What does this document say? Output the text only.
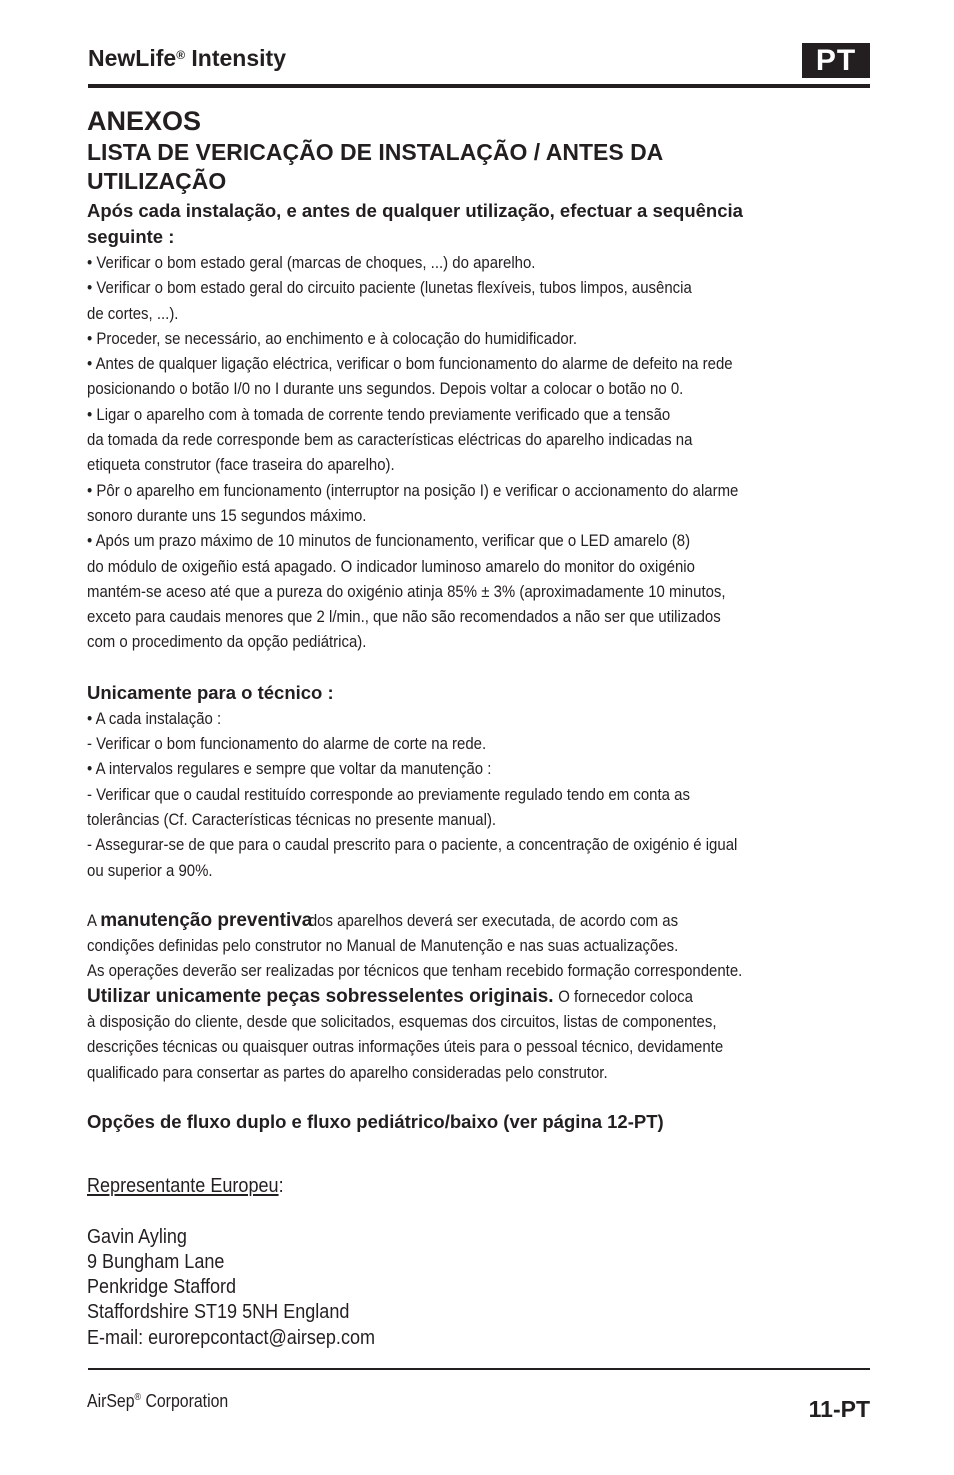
NewLife® Intensity	PT
ANEXOS
LISTA DE VERICAÇÃO DE INSTALAÇÃO / ANTES DA
UTILIZAÇÃO

Após cada instalação, e antes de qualquer utilização, efectuar a sequência

seguinte :

• Verificar o bom estado geral (marcas de choques, ...) do aparelho.

• Verificar o bom estado geral do circuito paciente (lunetas flexíveis, tubos limpos, ausência

de cortes, ...).

• Proceder, se necessário, ao enchimento e à colocação do humidificador.

• Antes de qualquer ligação eléctrica, verificar o bom funcionamento do alarme de defeito na rede

posicionando o botão I/0 no I durante uns segundos. Depois voltar a colocar o botão no 0.

• Ligar o aparelho com à tomada de corrente tendo previamente verificado que a tensão

da tomada da rede corresponde bem as características eléctricas do aparelho indicadas na

etiqueta construtor (face traseira do aparelho).

• Pôr o aparelho em funcionamento (interruptor na posição I) e verificar o accionamento do alarme

sonoro durante uns 15 segundos máximo.

• Após um prazo máximo de 10 minutos de funcionamento, verificar que o LED amarelo (8)

do módulo de oxigeñio está apagado. O indicador luminoso amarelo do monitor do oxigénio

mantém-se aceso até que a pureza do oxigénio atinja 85% ± 3% (aproximadamente 10 minutos,

exceto para caudais menores que 2 l/min., que não são recomendados a não ser que utilizados

com o procedimento da opção pediátrica).

Unicamente para o técnico :

• A cada instalação :

- Verificar o bom funcionamento do alarme de corte na rede.

• A intervalos regulares e sempre que voltar da manutenção :

- Verificar que o caudal restituído corresponde ao previamente regulado tendo em conta as

tolerâncias (Cf. Características técnicas no presente manual).

- Assegurar-se de que para o caudal prescrito para o paciente, a concentração de oxigénio é igual

ou superior a 90%.

A manutenção preventiva dos aparelhos deverá ser executada, de acordo com as

condições definidas pelo construtor no Manual de Manutenção e nas suas actualizações.

As operações deverão ser realizadas por técnicos que tenham recebido formação correspondente.

Utilizar unicamente peças sobresselentes originais. O fornecedor coloca

à disposição do cliente, desde que solicitados, esquemas dos circuitos, listas de componentes,

descrições técnicas ou quaisquer outras informações úteis para o pessoal técnico, devidamente

qualificado para consertar as partes do aparelho consideradas pelo construtor.

Opções de fluxo duplo e fluxo pediátrico/baixo (ver página 12-PT)

Representante Europeu:

Gavin Ayling

9 Bungham Lane

Penkridge Stafford

Staffordshire ST19 5NH England

E-mail: eurorepcontact@airsep.com

AirSep® Corporation	11-PT
